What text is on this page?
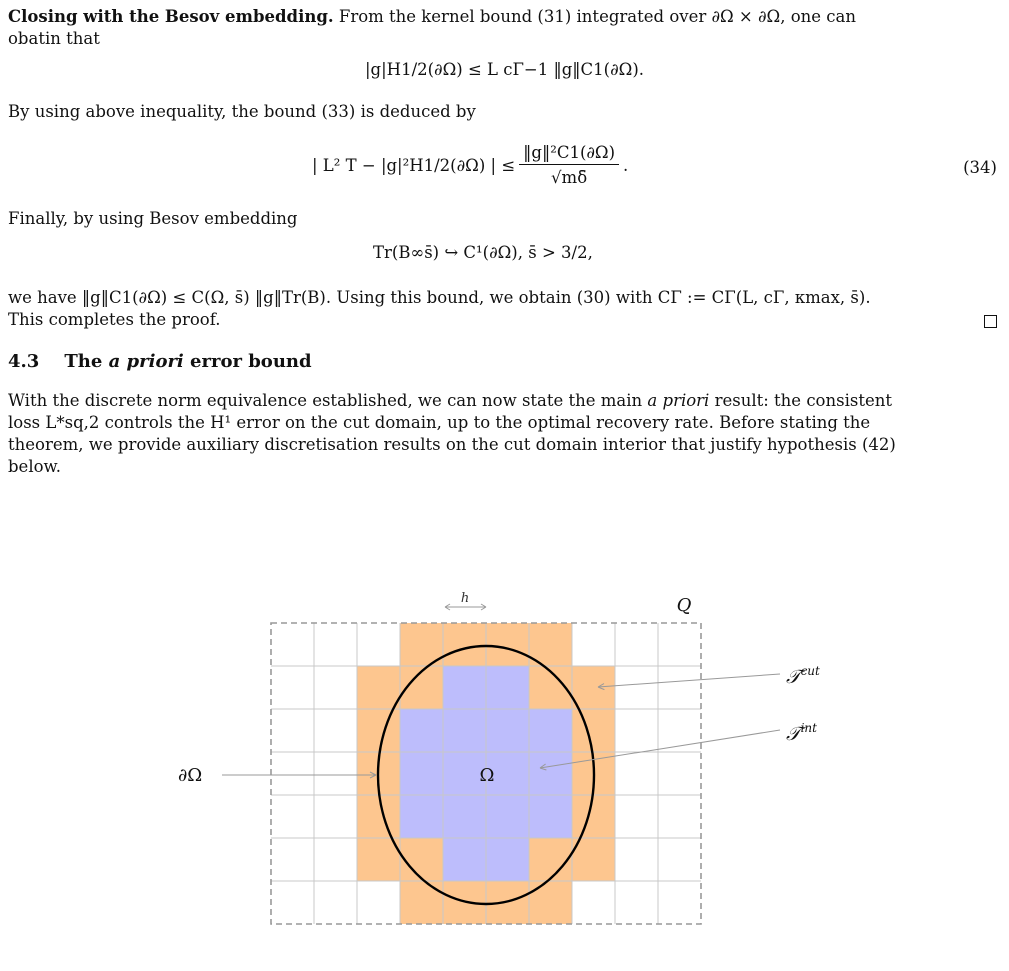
Closing with the Besov embedding. From the kernel bound (31) integrated over ∂Ω × ∂Ω, one can
obatin that
|g|H1/2(∂Ω) ≤ L cΓ−1 ‖g‖C1(∂Ω).
By using above inequality, the bound (33) is deduced by
| L² T − |g|²H1/2(∂Ω) | ≤ $\frac{\text{‖g‖²C1(∂Ω)}}{√m\deltā}$ .	(34)
Finally, by using Besov embedding
Tr(B∞s̄) ↪ C¹(∂Ω), s̄ > 3/2,
we have ‖g‖C1(∂Ω) ≤ C(Ω, s̄) ‖g‖Tr(B). Using this bound, we obtain (30) with CΓ := CΓ(L, cΓ, κmax, s̄).
This completes the proof.
4.3 The a priori error bound
With the discrete norm equivalence established, we can now state the main a priori result: the consistent
loss L*sq,2 controls the H¹ error on the cut domain, up to the optimal recovery rate. Before stating the
theorem, we provide auxiliary discretisation results on the cut domain interior that justify hypothesis (42)
below.
h	Q
∂Ω	Ω
𝒯$^{cut}$
𝒯$^{int}$
